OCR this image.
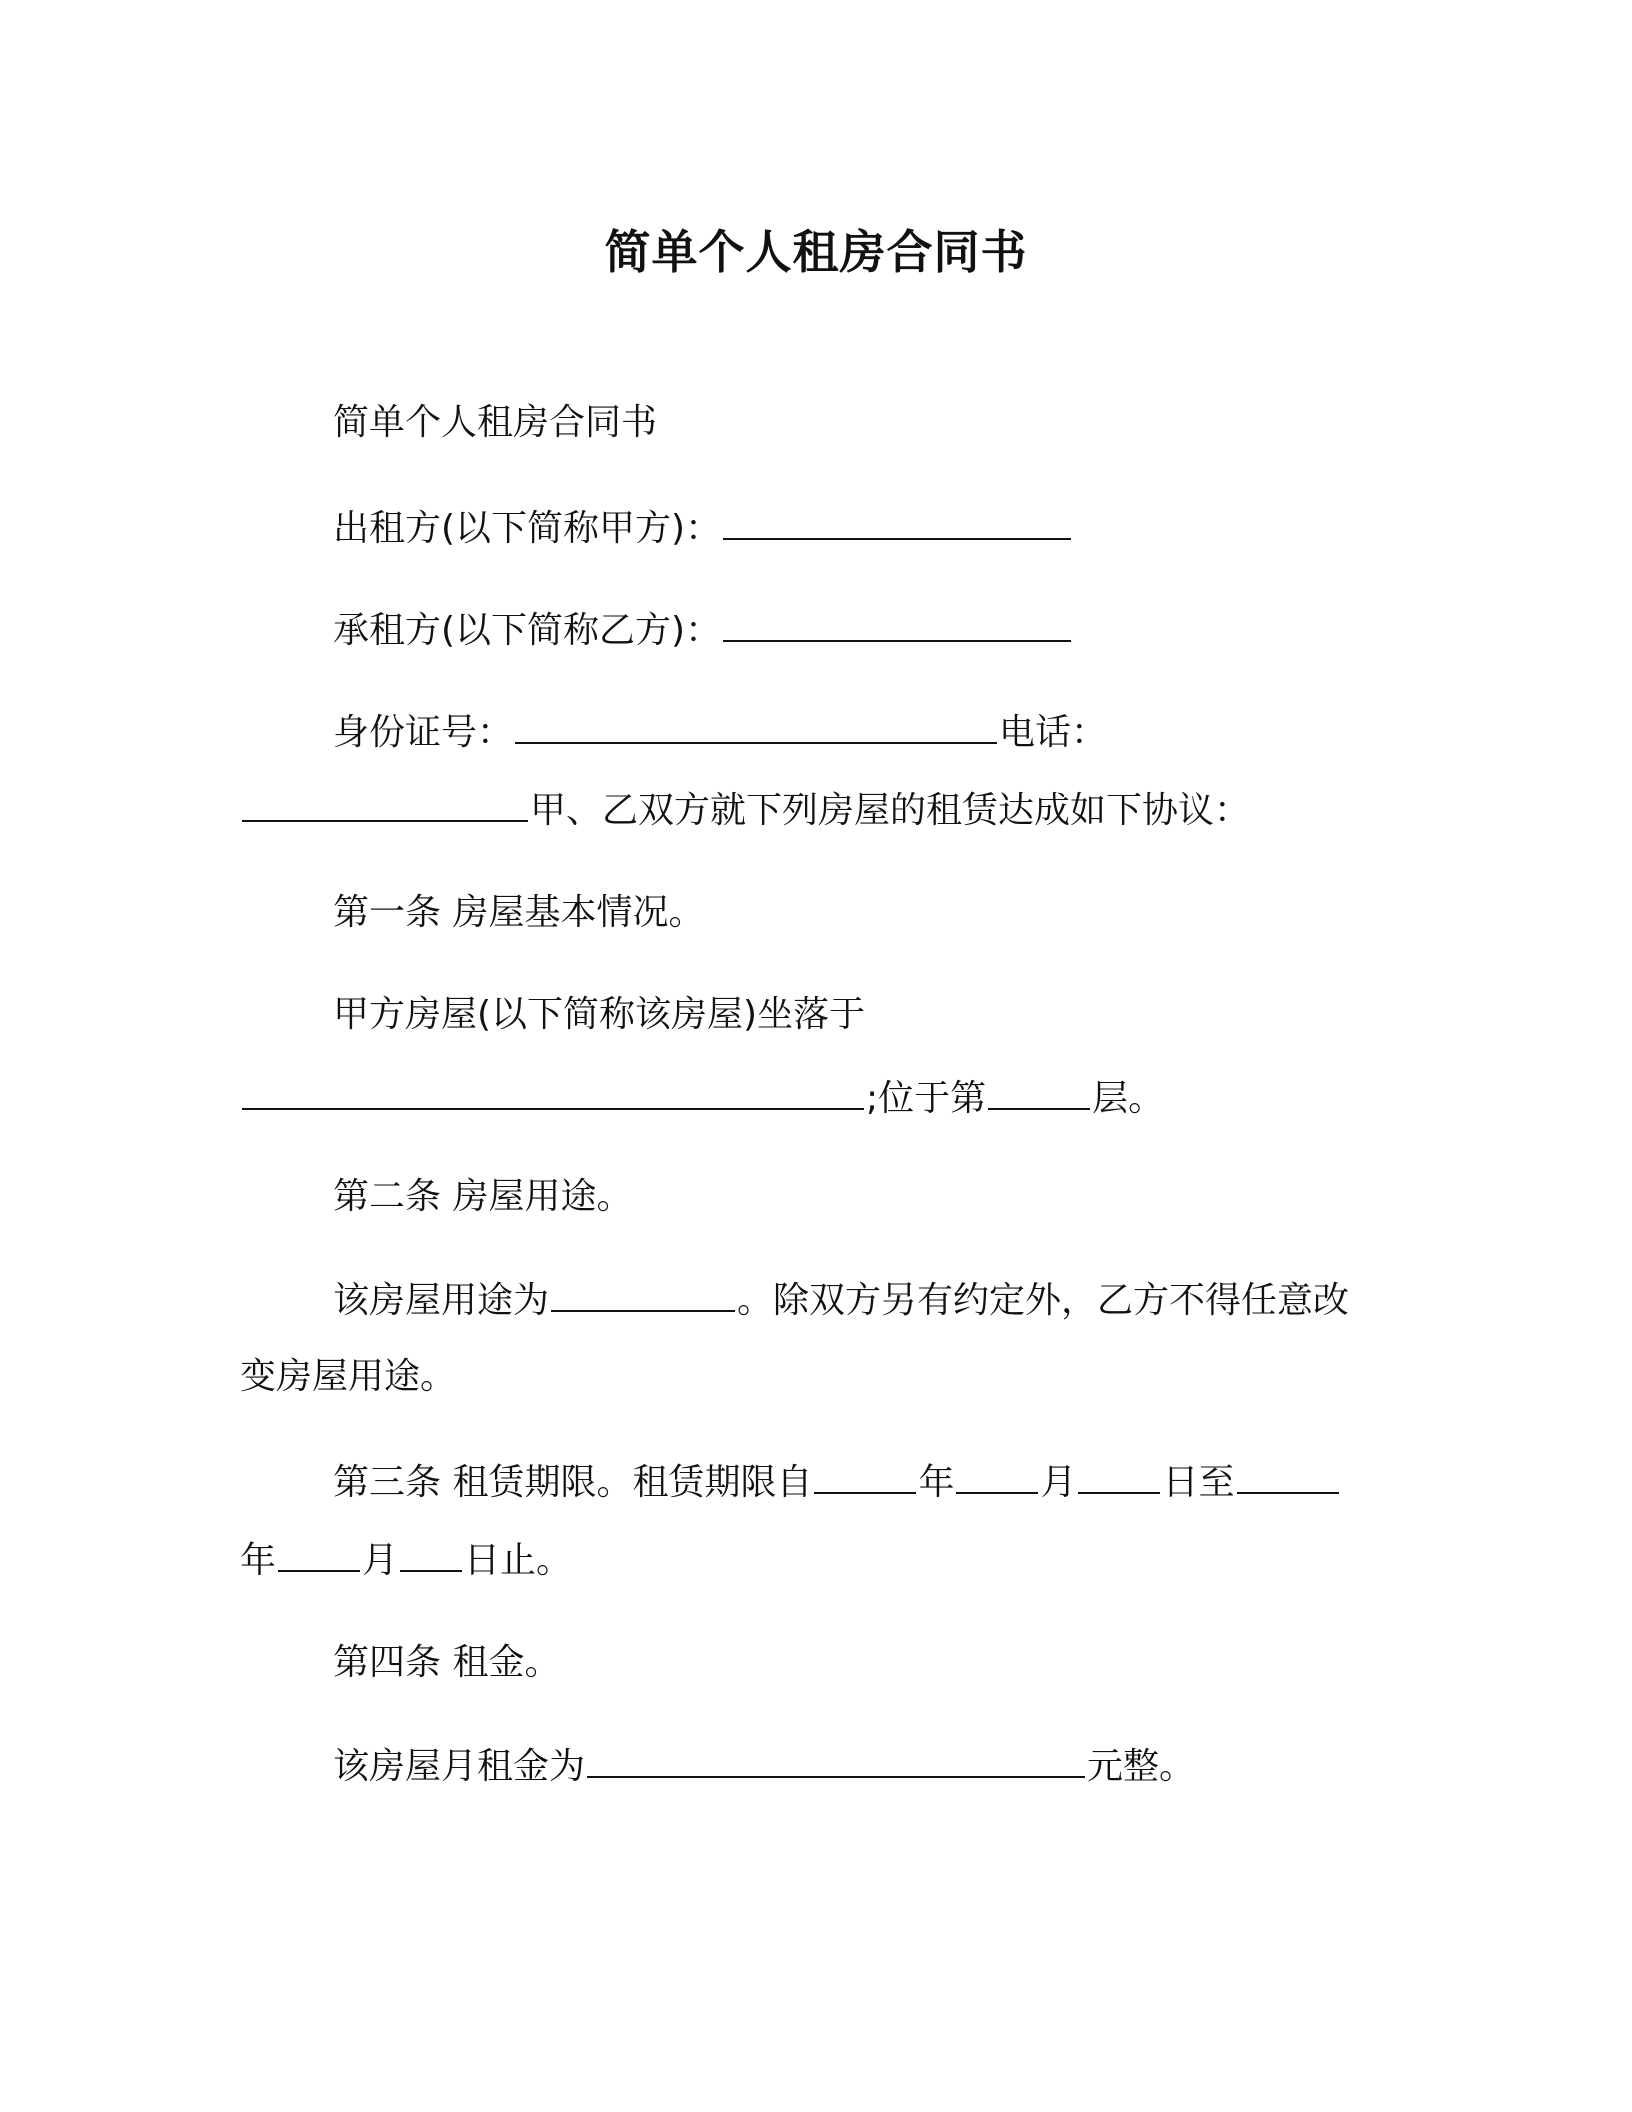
简单个人租房合同书
简单个人租房合同书
出租方(以下简称甲方)：
承租方(以下简称乙方)：
身份证号：	电话：
甲、乙双方就下列房屋的租赁达成如下协议：
第一条 房屋基本情况。
甲方房屋(以下简称该房屋)坐落于
;位于第	层。
第二条 房屋用途。
该房屋用途为	。除双方另有约定外，乙方不得任意改
变房屋用途。
第三条 租赁期限。租赁期限自	年 月 日至
年 月 日止。
第四条 租金。
该房屋月租金为	元整。
